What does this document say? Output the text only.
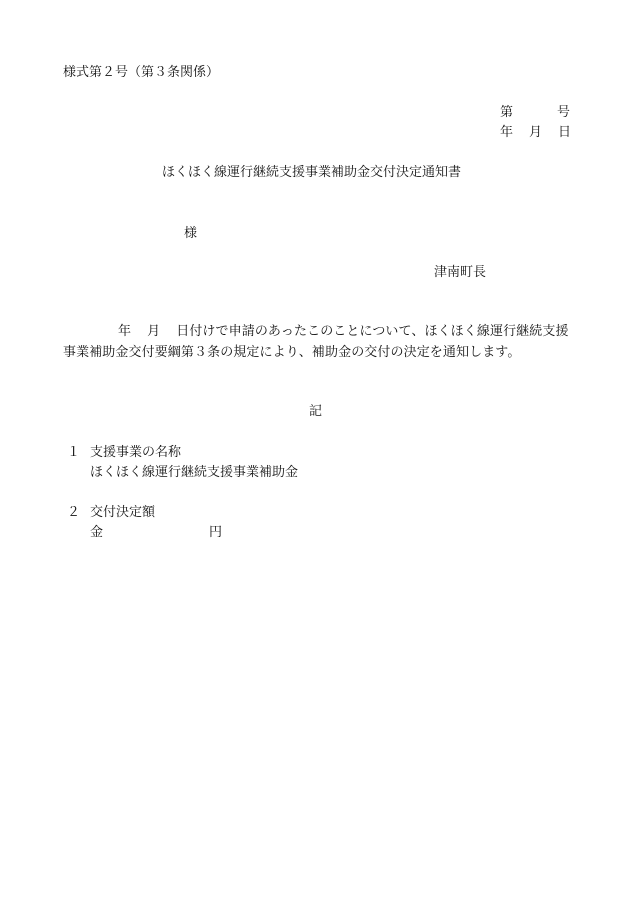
様式第２号（第３条関係）
第	号
年 月 日
ほくほく線運行継続支援事業補助金交付決定通知書
様
津南町長
年 月 日付けで申請のあったこのことについて、ほくほく線運行継続支援
事業補助金交付要綱第３条の規定により、補助金の交付の決定を通知します。
記
１ 支援事業の名称
ほくほく線運行継続支援事業補助金
２ 交付決定額
金	円
